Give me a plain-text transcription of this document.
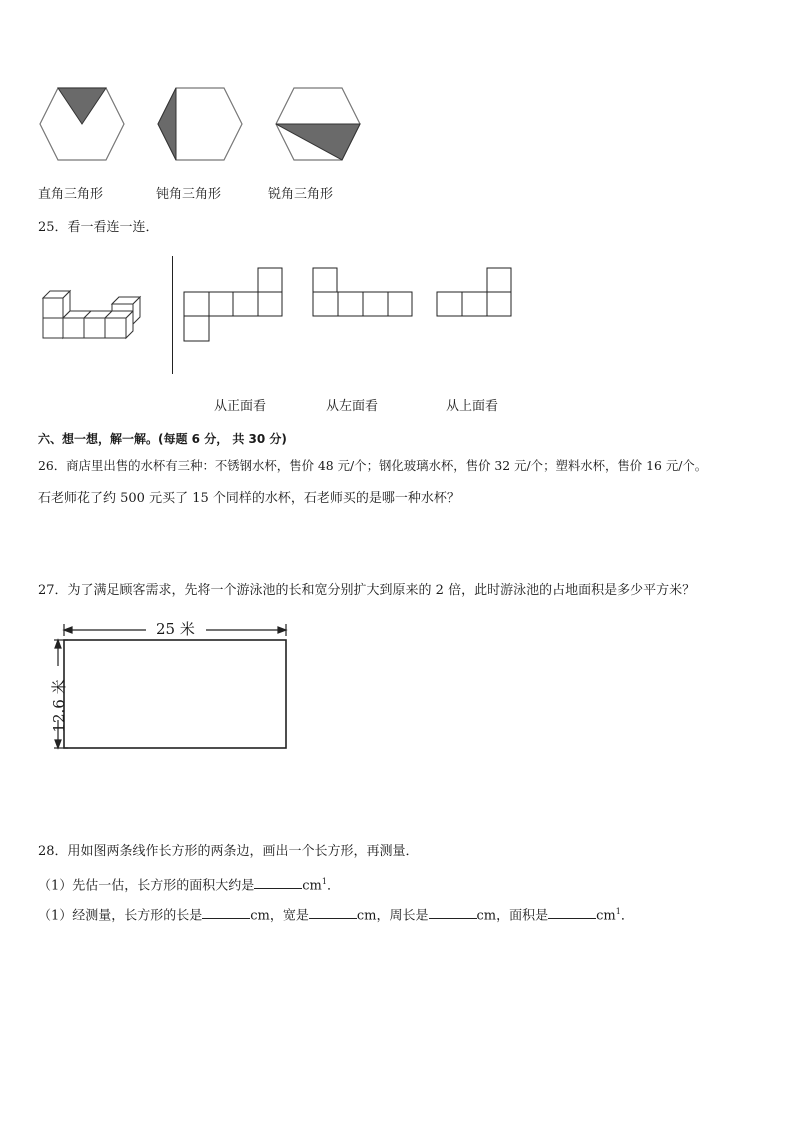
直角三角形	钝角三角形	锐角三角形
25．看一看连一连．
从正面看	从左面看	从上面看
六、想一想，解一解。(每题 6 分， 共 30 分)
26．商店里出售的水杯有三种：不锈钢水杯，售价 48 元/个；钢化玻璃水杯，售价 32 元/个；塑料水杯，售价 16 元/个。
石老师花了约 500 元买了 15 个同样的水杯，石老师买的是哪一种水杯？
27．为了满足顾客需求，先将一个游泳池的长和宽分别扩大到原来的 2 倍，此时游泳池的占地面积是多少平方米？
25 米
12.6 米
28．用如图两条线作长方形的两条边，画出一个长方形，再测量．
（1）先估一估，长方形的面积大约是	$cm^1$．
（1）经测量，长方形的长是	cm，宽是	cm，周长是	cm，面积是	$cm^1$．
